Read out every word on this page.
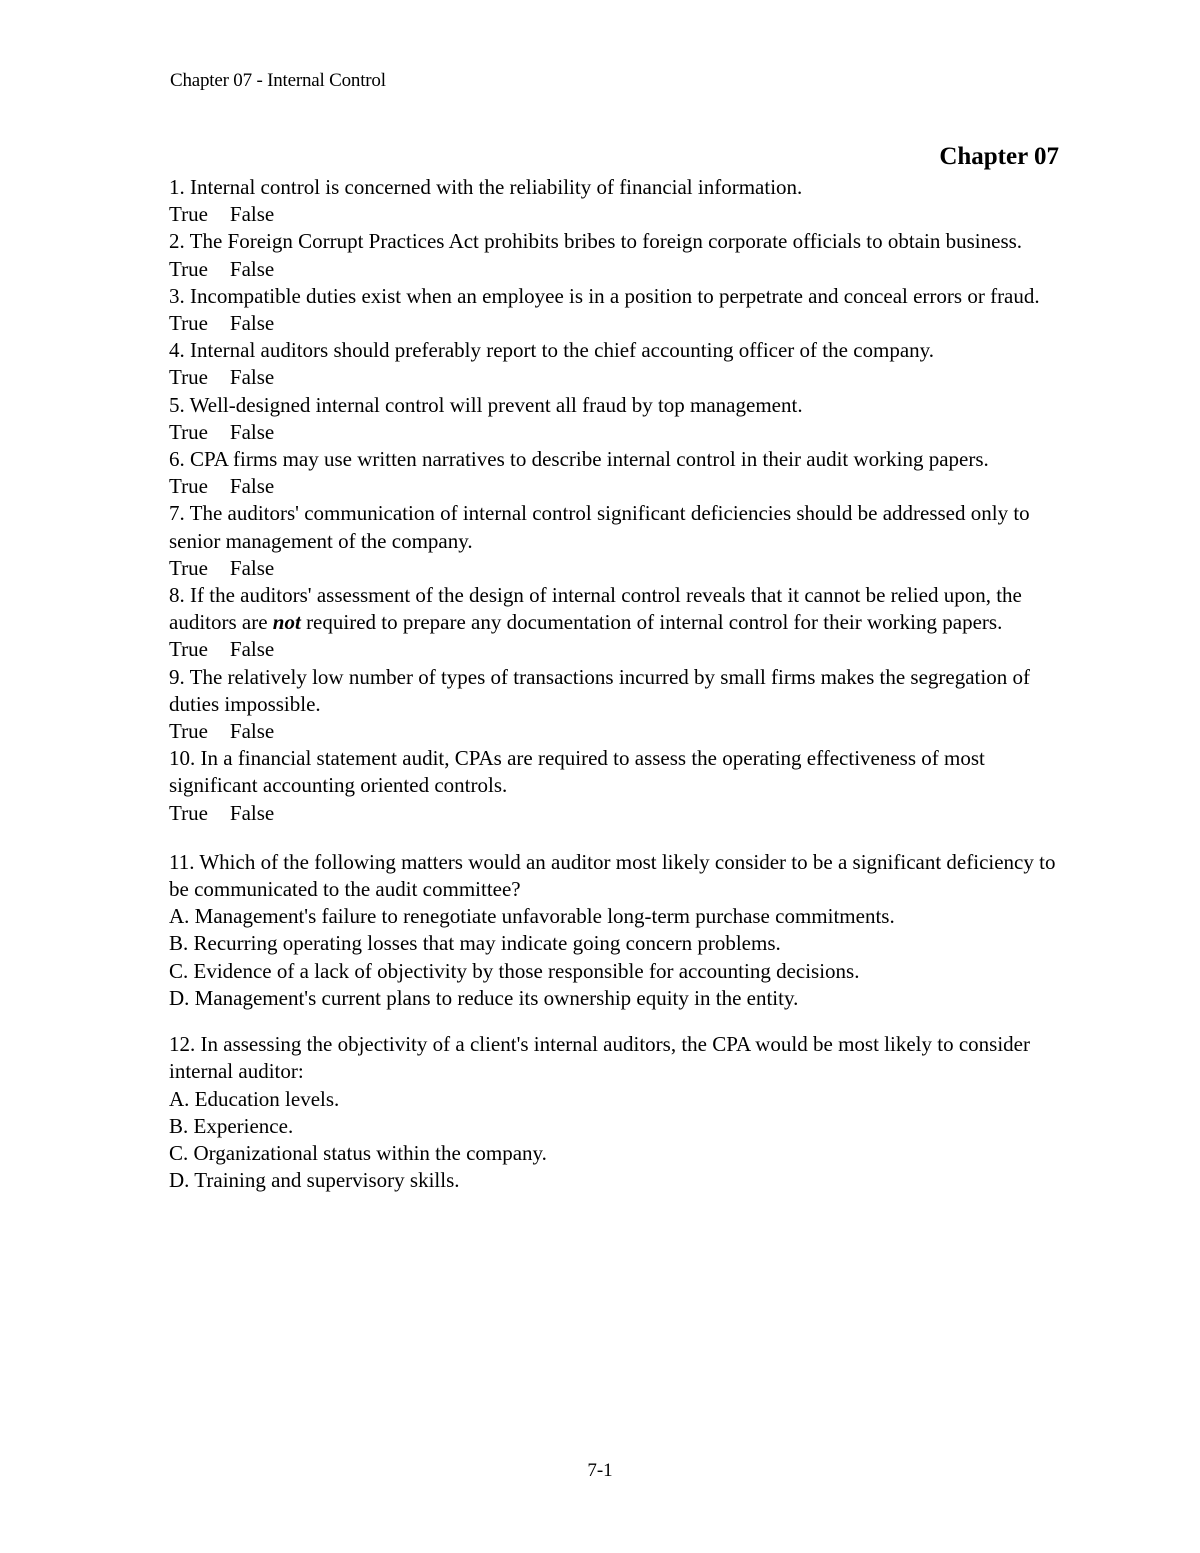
Chapter 07 - Internal Control
Chapter 07
1. Internal control is concerned with the reliability of financial information.
True False
2. The Foreign Corrupt Practices Act prohibits bribes to foreign corporate officials to obtain business.
True False
3. Incompatible duties exist when an employee is in a position to perpetrate and conceal errors or fraud.
True False
4. Internal auditors should preferably report to the chief accounting officer of the company.
True False
5. Well-designed internal control will prevent all fraud by top management.
True False
6. CPA firms may use written narratives to describe internal control in their audit working papers.
True False
7. The auditors' communication of internal control significant deficiencies should be addressed only to senior management of the company.
True False
8. If the auditors' assessment of the design of internal control reveals that it cannot be relied upon, the auditors are not required to prepare any documentation of internal control for their working papers.
True False
9. The relatively low number of types of transactions incurred by small firms makes the segregation of duties impossible.
True False
10. In a financial statement audit, CPAs are required to assess the operating effectiveness of most significant accounting oriented controls.
True False
11. Which of the following matters would an auditor most likely consider to be a significant deficiency to be communicated to the audit committee?
A. Management's failure to renegotiate unfavorable long-term purchase commitments.
B. Recurring operating losses that may indicate going concern problems.
C. Evidence of a lack of objectivity by those responsible for accounting decisions.
D. Management's current plans to reduce its ownership equity in the entity.
12. In assessing the objectivity of a client's internal auditors, the CPA would be most likely to consider internal auditor:
A. Education levels.
B. Experience.
C. Organizational status within the company.
D. Training and supervisory skills.
7-1
